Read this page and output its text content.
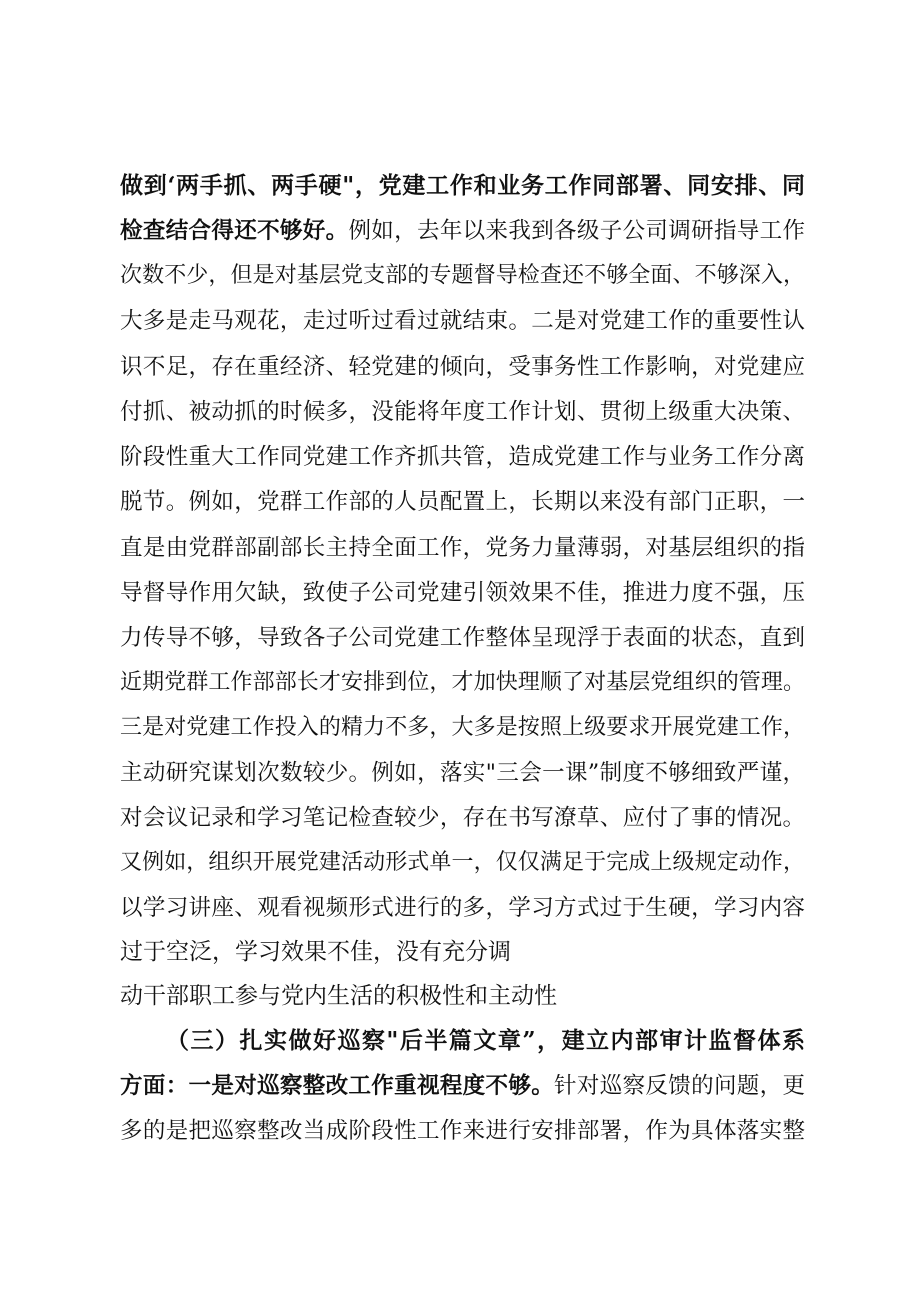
做到‘两手抓、两手硬"，党建工作和业务工作同部署、同安排、同
检查结合得还不够好。例如，去年以来我到各级子公司调研指导工作
次数不少，但是对基层党支部的专题督导检查还不够全面、不够深入，
大多是走马观花，走过听过看过就结束。二是对党建工作的重要性认
识不足，存在重经济、轻党建的倾向，受事务性工作影响，对党建应
付抓、被动抓的时候多，没能将年度工作计划、贯彻上级重大决策、
阶段性重大工作同党建工作齐抓共管，造成党建工作与业务工作分离
脱节。例如，党群工作部的人员配置上，长期以来没有部门正职，一
直是由党群部副部长主持全面工作，党务力量薄弱，对基层组织的指
导督导作用欠缺，致使子公司党建引领效果不佳，推进力度不强，压
力传导不够，导致各子公司党建工作整体呈现浮于表面的状态，直到
近期党群工作部部长才安排到位，才加快理顺了对基层党组织的管理。
三是对党建工作投入的精力不多，大多是按照上级要求开展党建工作，
主动研究谋划次数较少。例如，落实"三会一课”制度不够细致严谨，
对会议记录和学习笔记检查较少，存在书写潦草、应付了事的情况。
又例如，组织开展党建活动形式单一，仅仅满足于完成上级规定动作，
以学习讲座、观看视频形式进行的多，学习方式过于生硬，学习内容
过于空泛，学习效果不佳，没有充分调
动干部职工参与党内生活的积极性和主动性
（三）扎实做好巡察"后半篇文章”，建立内部审计监督体系
方面：一是对巡察整改工作重视程度不够。针对巡察反馈的问题，更
多的是把巡察整改当成阶段性工作来进行安排部署，作为具体落实整
